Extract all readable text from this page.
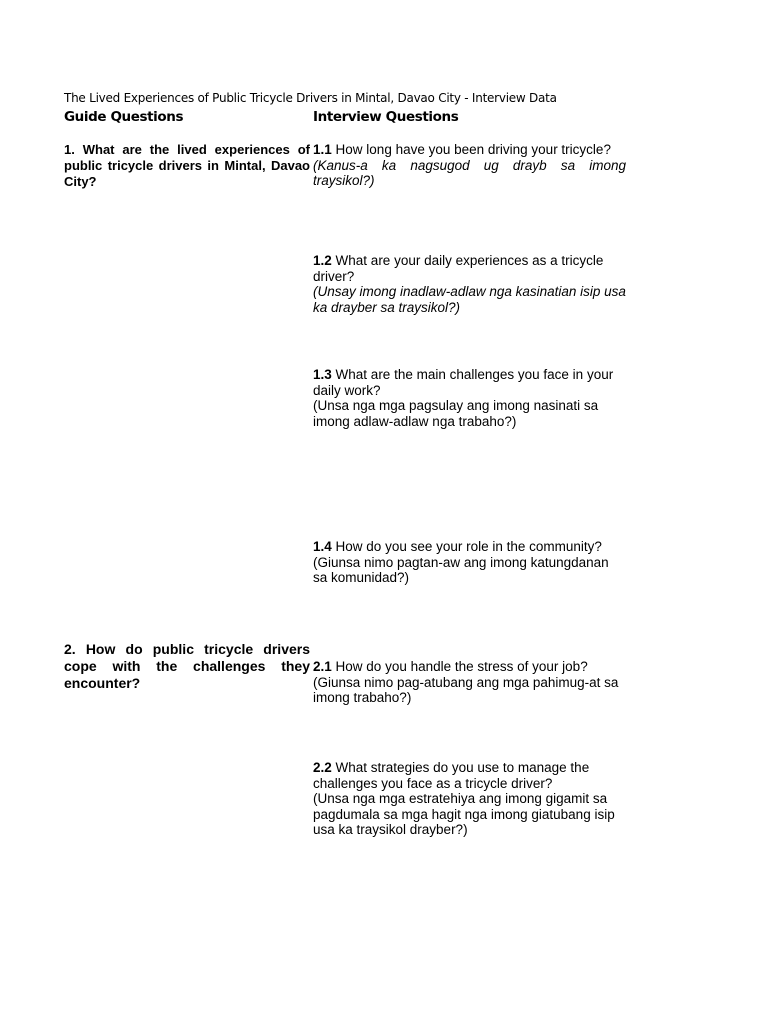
The Lived Experiences of Public Tricycle Drivers in Mintal, Davao City - Interview Data
Guide Questions	Interview Questions
1. What are the lived experiences of public tricycle drivers in Mintal, Davao City?
2. How do public tricycle drivers cope with the challenges they encounter?
1.1 How long have you been driving your tricycle?
(Kanus-a ka nagsugod ug drayb sa imong traysikol?)
1.2 What are your daily experiences as a tricycle driver?
(Unsay imong inadlaw-adlaw nga kasinatian isip usa ka drayber sa traysikol?)
1.3 What are the main challenges you face in your daily work?
(Unsa nga mga pagsulay ang imong nasinati sa imong adlaw-adlaw nga trabaho?)
1.4 How do you see your role in the community?
(Giunsa nimo pagtan-aw ang imong katungdanan sa komunidad?)
2.1 How do you handle the stress of your job?
(Giunsa nimo pag-atubang ang mga pahimug-at sa imong trabaho?)
2.2 What strategies do you use to manage the challenges you face as a tricycle driver?
(Unsa nga mga estratehiya ang imong gigamit sa pagdumala sa mga hagit nga imong giatubang isip usa ka traysikol drayber?)
